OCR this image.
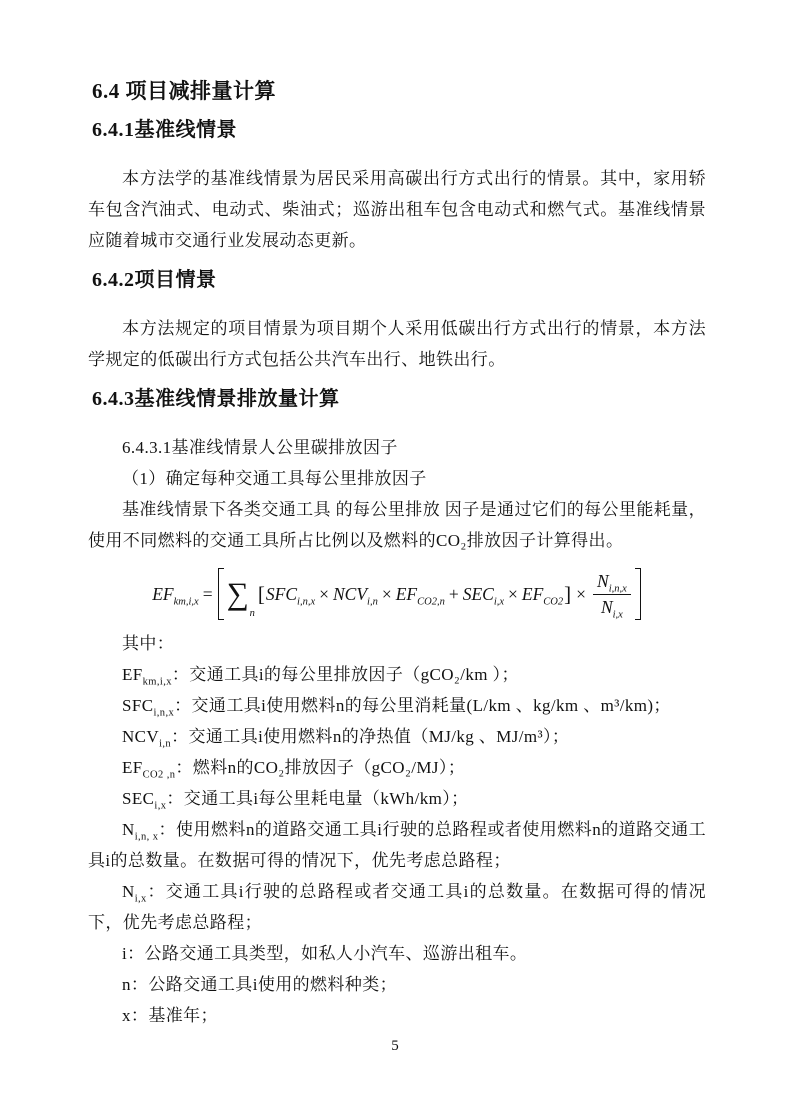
6.4 项目减排量计算
6.4.1基准线情景

本方法学的基准线情景为居民采用高碳出行方式出行的情景。其中，家用轿车包含汽油式、电动式、柴油式；巡游出租车包含电动式和燃气式。基准线情景应随着城市交通行业发展动态更新。

6.4.2项目情景

本方法规定的项目情景为项目期个人采用低碳出行方式出行的情景，本方法学规定的低碳出行方式包括公共汽车出行、地铁出行。

6.4.3基准线情景排放量计算

6.4.3.1基准线情景人公里碳排放因子

（1）确定每种交通工具每公里排放因子

基准线情景下各类交通工具 的每公里排放 因子是通过它们的每公里能耗量，使用不同燃料的交通工具所占比例以及燃料的CO₂排放因子计算得出。

$EF_{km,i,x}$ = ∑
n
[ $SFC_{i,n,x} \times NCV_{i,n} \times EF_{CO2,n} + SEC_{i,x} \times EF_{CO2}$ ] × $\frac{N_{i,n,x}}{N_{i,x}}$

其中：

$EF_{km,i,x}$：交通工具i的每公里排放因子（gCO₂/km ）；

$SFC_{i,n,x}$：交通工具i使用燃料n的每公里消耗量(L/km 、kg/km 、m³/km)；

$NCV_{i,n}$：交通工具i使用燃料n的净热值（MJ/kg 、MJ/m³）；

$EF_{CO2 ,n}$：燃料n的CO₂排放因子（gCO₂/MJ）；

$SEC_{i,x}$：交通工具i每公里耗电量（kWh/km）；

$N_{i,n, x}$：使用燃料n的道路交通工具i行驶的总路程或者使用燃料n的道路交通工具i的总数量。在数据可得的情况下，优先考虑总路程；

$N_{i,x}$：交通工具i行驶的总路程或者交通工具i的总数量。在数据可得的情况下，优先考虑总路程；

i：公路交通工具类型，如私人小汽车、巡游出租车。

n：公路交通工具i使用的燃料种类；

x：基准年；

5
